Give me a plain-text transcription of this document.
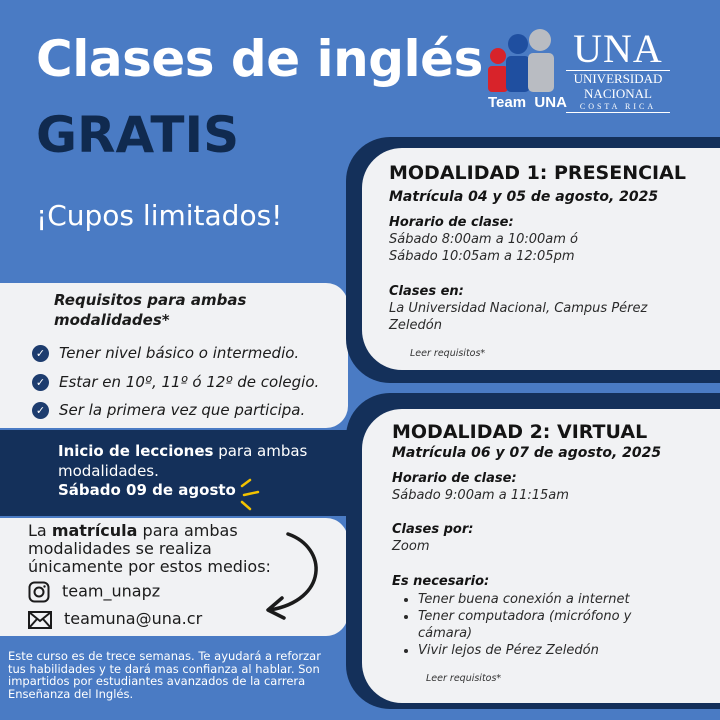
Clases de inglés
GRATIS
¡Cupos limitados!
Team  UNA
UNA
UNIVERSIDAD
NACIONAL
COSTA RICA
Requisitos para ambas modalidades*
✓ Tener nivel básico o intermedio.
✓ Estar en 10º, 11º ó 12º de colegio.
✓ Ser la primera vez que participa.
Inicio de lecciones para ambas modalidades.
Sábado 09 de agosto
La matrícula para ambas modalidades se realiza únicamente por estos medios:
team_unapz
teamuna@una.cr
Este curso es de trece semanas. Te ayudará a reforzar tus habilidades y te dará mas confianza al hablar. Son impartidos por estudiantes avanzados de la carrera Enseñanza del Inglés.
MODALIDAD 1: PRESENCIAL
Matrícula 04 y 05 de agosto, 2025
Horario de clase:
Sábado 8:00am a 10:00am ó
Sábado 10:05am a 12:05pm
Clases en:
La Universidad Nacional, Campus Pérez Zeledón
Leer requisitos*
MODALIDAD 2: VIRTUAL
Matrícula 06 y 07 de agosto, 2025
Horario de clase:
Sábado 9:00am a 11:15am
Clases por:
Zoom
Es necesario:
• Tener buena conexión a internet
• Tener computadora (micrófono y cámara)
• Vivir lejos de Pérez Zeledón
Leer requisitos*
